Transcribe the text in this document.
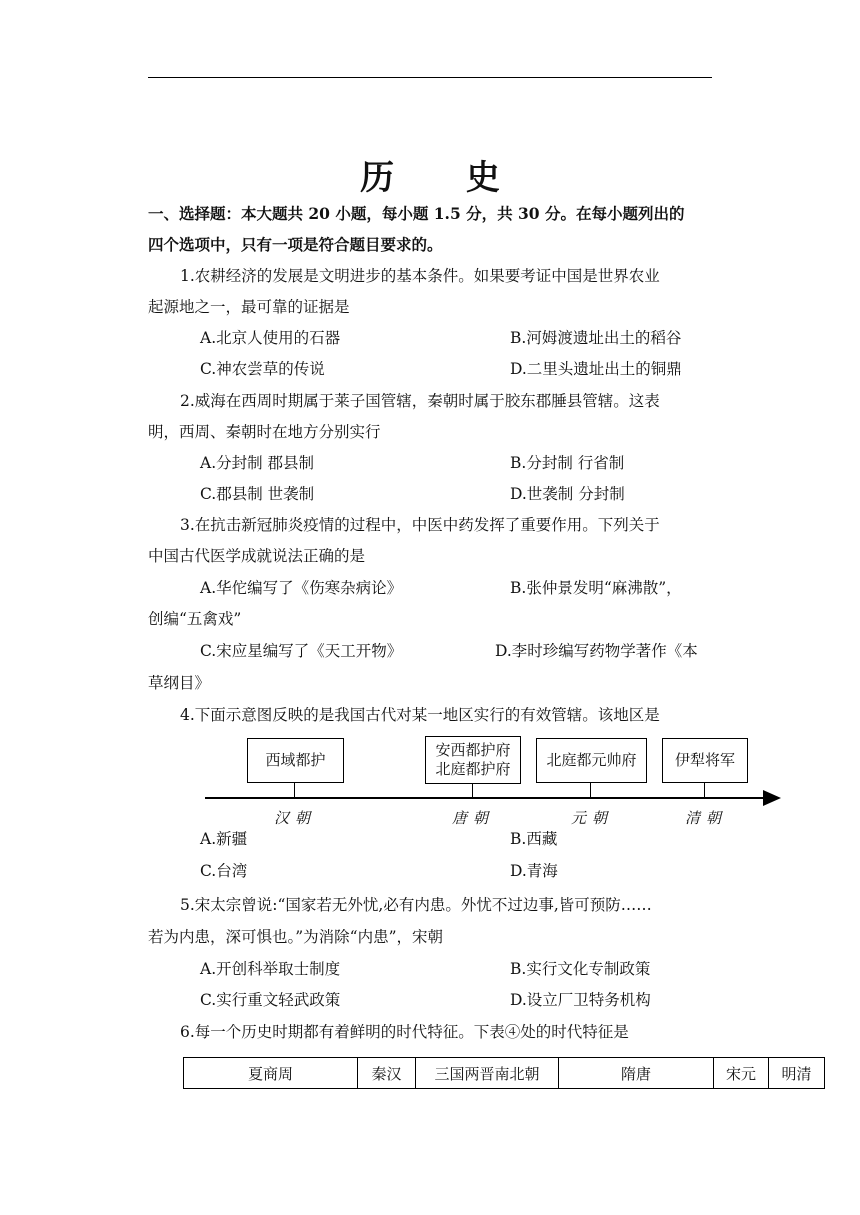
历 史
一、选择题：本大题共 20 小题，每小题 1.5 分，共 30 分。在每小题列出的
四个选项中，只有一项是符合题目要求的。
1.农耕经济的发展是文明进步的基本条件。如果要考证中国是世界农业
起源地之一，最可靠的证据是
A.北京人使用的石器	B.河姆渡遗址出土的稻谷
C.神农尝草的传说	D.二里头遗址出土的铜鼎
2.威海在西周时期属于莱子国管辖，秦朝时属于胶东郡腄县管辖。这表
明，西周、秦朝时在地方分别实行
A.分封制 郡县制	B.分封制 行省制
C.郡县制 世袭制	D.世袭制 分封制
3.在抗击新冠肺炎疫情的过程中，中医中药发挥了重要作用。下列关于
中国古代医学成就说法正确的是
A.华佗编写了《伤寒杂病论》	B.张仲景发明“麻沸散”，
创编“五禽戏”
C.宋应星编写了《天工开物》	D.李时珍编写药物学著作《本
草纲目》
4.下面示意图反映的是我国古代对某一地区实行的有效管辖。该地区是
西域都护
安西都护府
北庭都护府 北庭都元帅府	伊犁将军
汉朝	唐朝	元朝	清朝
A.新疆	B.西藏
C.台湾	D.青海
5.宋太宗曾说:“国家若无外忧,必有内患。外忧不过边事,皆可预防……
若为内患，深可惧也。”为消除“内患”，宋朝
A.开创科举取士制度	B.实行文化专制政策
C.实行重文轻武政策	D.设立厂卫特务机构
6.每一个历史时期都有着鲜明的时代特征。下表④处的时代特征是
夏商周	秦汉	三国两晋南北朝	隋唐	宋元	明清
